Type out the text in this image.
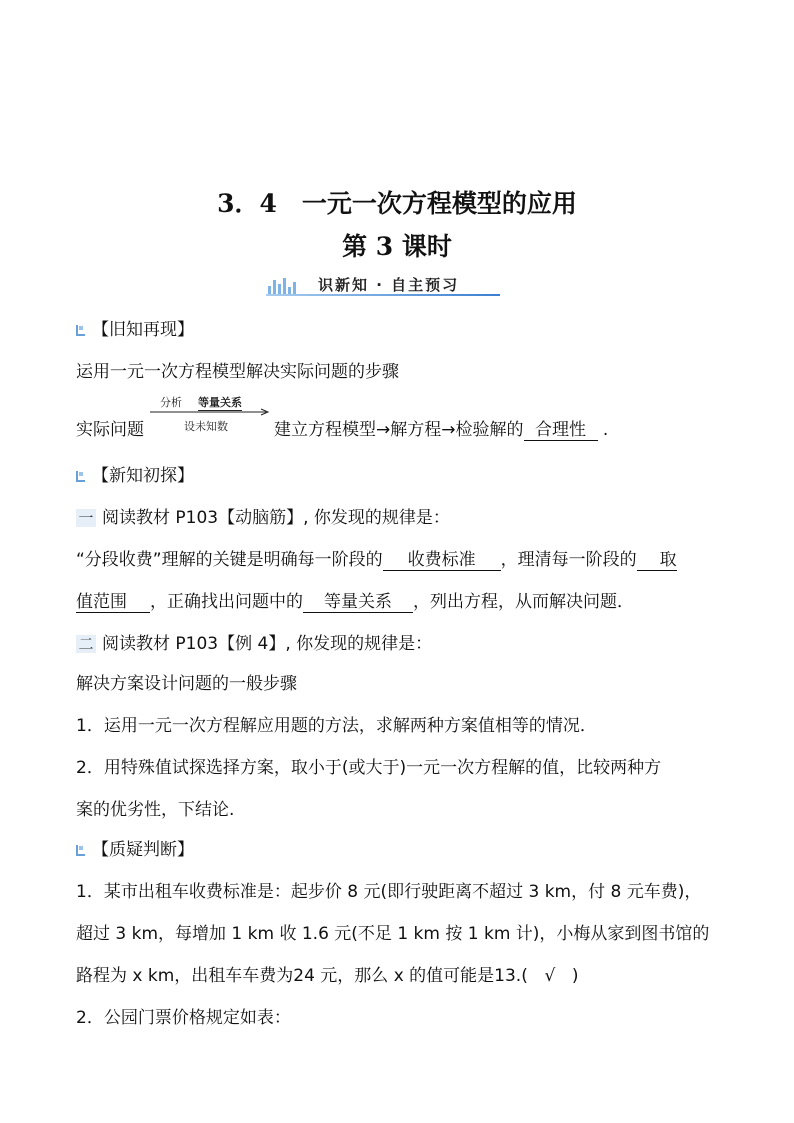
3．4　一元一次方程模型的应用
第 3 课时
识新知 · 自主预习
【旧知再现】
运用一元一次方程模型解决实际问题的步骤
实际问题
分析 等量关系
设未知数	建立方程模型→解方程→检验解的 合理性 .
【新知初探】
一 阅读教材 P103【动脑筋】, 你发现的规律是：
“分段收费”理解的关键是明确每一阶段的 收费标准 ，理清每一阶段的 取
值范围 ，正确找出问题中的 等量关系 ，列出方程，从而解决问题．
二 阅读教材 P103【例 4】, 你发现的规律是：
解决方案设计问题的一般步骤
1．运用一元一次方程解应用题的方法，求解两种方案值相等的情况．
2．用特殊值试探选择方案，取小于(或大于)一元一次方程解的值，比较两种方
案的优劣性，下结论.
【质疑判断】
1．某市出租车收费标准是：起步价 8 元(即行驶距离不超过 3 km，付 8 元车费)，
超过 3 km，每增加 1 km 收 1.6 元(不足 1 km 按 1 km 计)，小梅从家到图书馆的
路程为 x km，出租车车费为24 元，那么 x 的值可能是13.( √ )
2．公园门票价格规定如表：
